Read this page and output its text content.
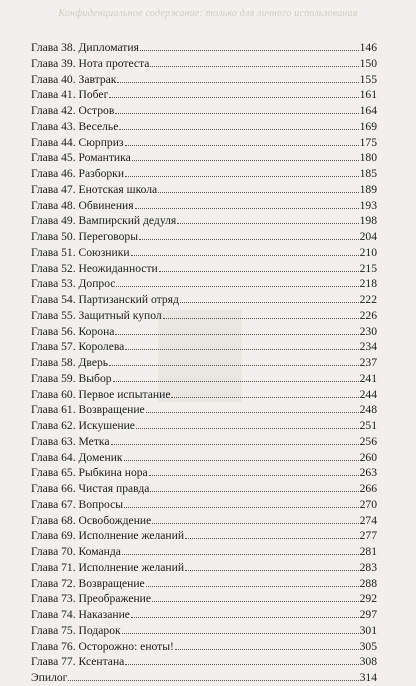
Конфиденциальное содержание: только для личного использования
Глава 38. Дипломатия	146
Глава 39. Нота протеста	150
Глава 40. Завтрак	155
Глава 41. Побег	161
Глава 42. Остров	164
Глава 43. Веселье	169
Глава 44. Сюрприз	175
Глава 45. Романтика	180
Глава 46. Разборки	185
Глава 47. Енотская школа	189
Глава 48. Обвинения	193
Глава 49. Вампирский дедуля	198
Глава 50. Переговоры	204
Глава 51. Союзники	210
Глава 52. Неожиданности	215
Глава 53. Допрос	218
Глава 54. Партизанский отряд	222
Глава 55. Защитный купол	226
Глава 56. Корона	230
Глава 57. Королева	234
Глава 58. Дверь	237
Глава 59. Выбор	241
Глава 60. Первое испытание	244
Глава 61. Возвращение	248
Глава 62. Искушение	251
Глава 63. Метка	256
Глава 64. Доменик	260
Глава 65. Рыбкина нора	263
Глава 66. Чистая правда	266
Глава 67. Вопросы	270
Глава 68. Освобождение	274
Глава 69. Исполнение желаний	277
Глава 70. Команда	281
Глава 71. Исполнение желаний	283
Глава 72. Возвращение	288
Глава 73. Преображение	292
Глава 74. Наказание	297
Глава 75. Подарок	301
Глава 76. Осторожно: еноты!	305
Глава 77. Ксентана	308
Эпилог	314
